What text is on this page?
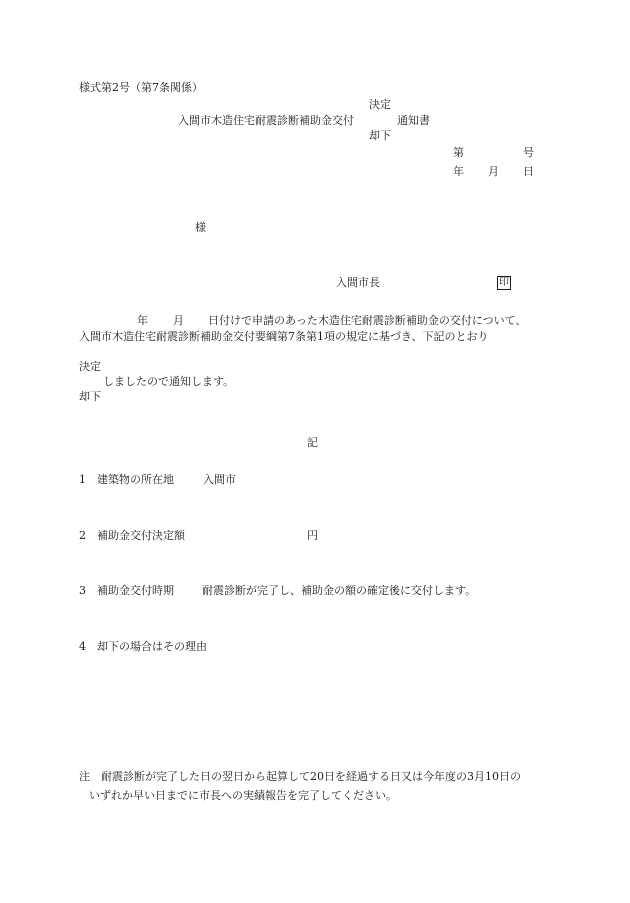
様式第2号（第7条関係）
決定
入間市木造住宅耐震診断補助金交付	通知書
却下
第	号
年 月 日
様
入間市長	印
年 月 日付けで申請のあった木造住宅耐震診断補助金の交付について、
入間市木造住宅耐震診断補助金交付要綱第7条第1項の規定に基づき、下記のとおり
決定
しましたので通知します。
却下
記
1 建築物の所在地	入間市
2 補助金交付決定額	円
3 補助金交付時期	耐震診断が完了し、補助金の額の確定後に交付します。
4 却下の場合はその理由
注 耐震診断が完了した日の翌日から起算して20日を経過する日又は今年度の3月10日の
いずれか早い日までに市長への実績報告を完了してください。
